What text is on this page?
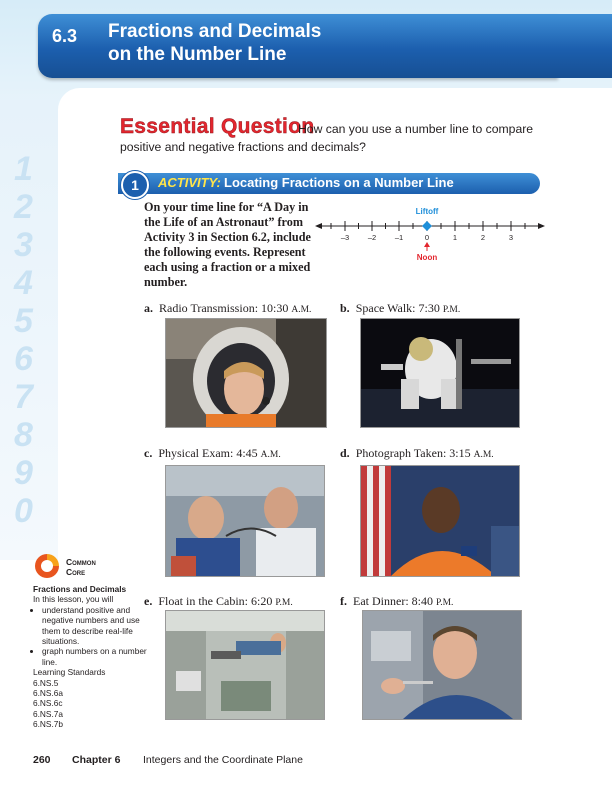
6.3	Fractions and Decimals
on the Number Line
1
2
3
4
5
6
7
8
9
0
Essential Question
How can you use a number line to compare
positive and negative fractions and decimals?
1	ACTIVITY: Locating Fractions on a Number Line
On your time line for “A Day in the Life of an Astronaut” from Activity 3 in Section 6.2, include the following events. Represent each using a fraction or a mixed number.
–3 –2 –1	0	1	2	3
Liftoff
Noon
a. Radio Transmission: 10:30 A.M. b. Space Walk: 7:30 P.M.
c. Physical Exam: 4:45 A.M.	d. Photograph Taken: 3:15 A.M.
e. Float in the Cabin: 6:20 P.M.	f. Eat Dinner: 8:40 P.M.
Common
Core
Fractions and Decimals
In this lesson, you will
• understand positive and negative numbers and use them to describe real-life situations.
• graph numbers on a number line.
Learning Standards
6.NS.5
6.NS.6a
6.NS.6c
6.NS.7a
6.NS.7b
260 Chapter 6 Integers and the Coordinate Plane
